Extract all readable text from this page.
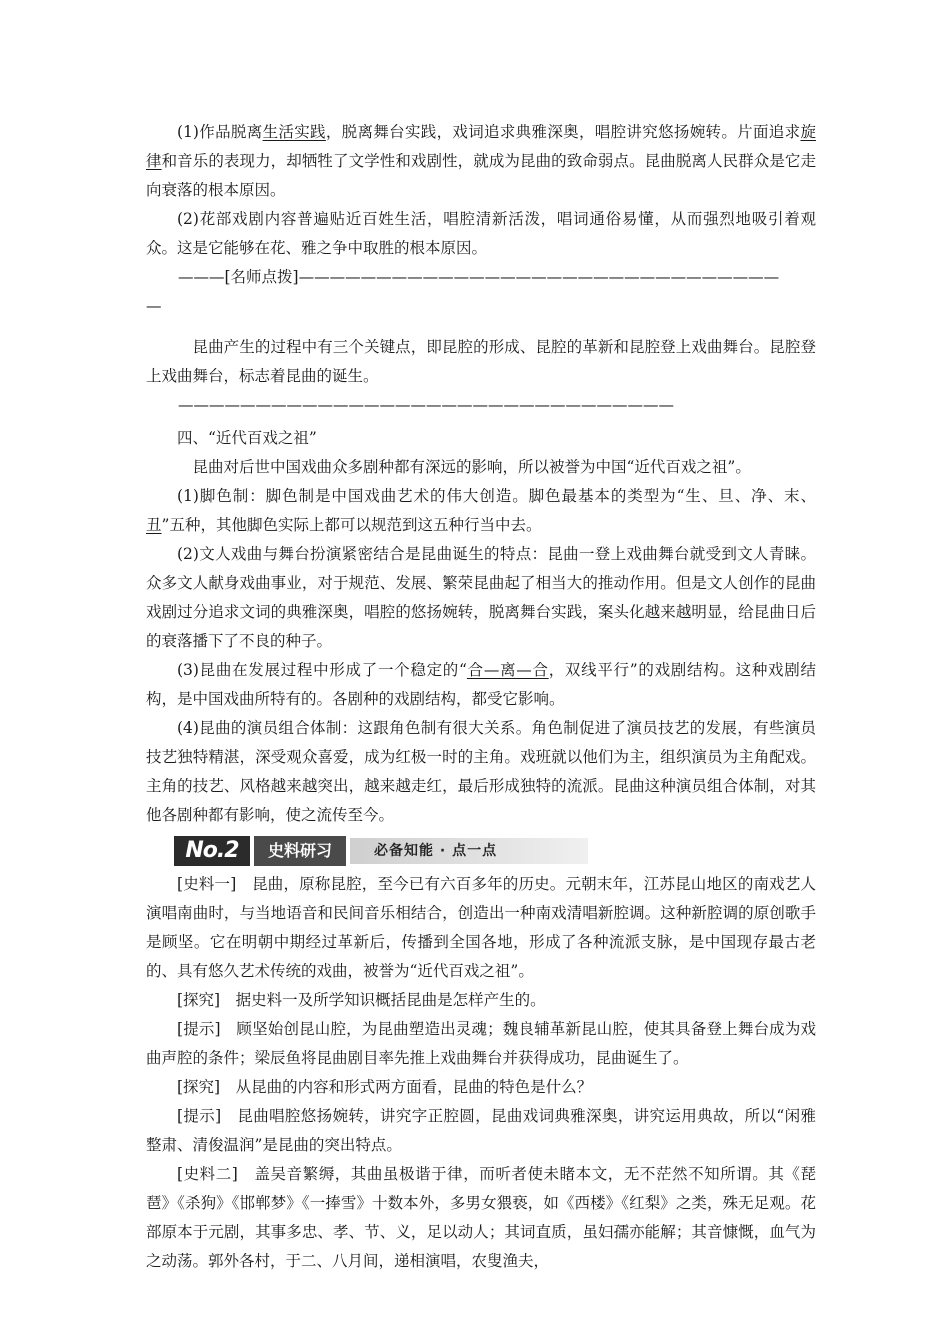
(1)作品脱离生活实践，脱离舞台实践，戏词追求典雅深奥，唱腔讲究悠扬婉转。片面追求旋律和音乐的表现力，却牺牲了文学性和戏剧性，就成为昆曲的致命弱点。昆曲脱离人民群众是它走向衰落的根本原因。

(2)花部戏剧内容普遍贴近百姓生活，唱腔清新活泼，唱词通俗易懂，从而强烈地吸引着观众。这是它能够在花、雅之争中取胜的根本原因。

———[名师点拨]———————————————————————————————
—

昆曲产生的过程中有三个关键点，即昆腔的形成、昆腔的革新和昆腔登上戏曲舞台。昆腔登上戏曲舞台，标志着昆曲的诞生。

————————————————————————————————

四、“近代百戏之祖”

昆曲对后世中国戏曲众多剧种都有深远的影响，所以被誉为中国“近代百戏之祖”。

(1)脚色制：脚色制是中国戏曲艺术的伟大创造。脚色最基本的类型为“生、旦、净、末、丑”五种，其他脚色实际上都可以规范到这五种行当中去。

(2)文人戏曲与舞台扮演紧密结合是昆曲诞生的特点：昆曲一登上戏曲舞台就受到文人青睐。众多文人献身戏曲事业，对于规范、发展、繁荣昆曲起了相当大的推动作用。但是文人创作的昆曲戏剧过分追求文词的典雅深奥，唱腔的悠扬婉转，脱离舞台实践，案头化越来越明显，给昆曲日后的衰落播下了不良的种子。

(3)昆曲在发展过程中形成了一个稳定的“合—离—合，双线平行”的戏剧结构。这种戏剧结构，是中国戏曲所特有的。各剧种的戏剧结构，都受它影响。

(4)昆曲的演员组合体制：这跟角色制有很大关系。角色制促进了演员技艺的发展，有些演员技艺独特精湛，深受观众喜爱，成为红极一时的主角。戏班就以他们为主，组织演员为主角配戏。主角的技艺、风格越来越突出，越来越走红，最后形成独特的流派。昆曲这种演员组合体制，对其他各剧种都有影响，使之流传至今。

No.2	史料研习	必备知能 · 点一点

[史料一]　昆曲，原称昆腔，至今已有六百多年的历史。元朝末年，江苏昆山地区的南戏艺人演唱南曲时，与当地语音和民间音乐相结合，创造出一种南戏清唱新腔调。这种新腔调的原创歌手是顾坚。它在明朝中期经过革新后，传播到全国各地，形成了各种流派支脉，是中国现存最古老的、具有悠久艺术传统的戏曲，被誉为“近代百戏之祖”。

[探究]　据史料一及所学知识概括昆曲是怎样产生的。

[提示]　顾坚始创昆山腔，为昆曲塑造出灵魂；魏良辅革新昆山腔，使其具备登上舞台成为戏曲声腔的条件；梁辰鱼将昆曲剧目率先推上戏曲舞台并获得成功，昆曲诞生了。

[探究]　从昆曲的内容和形式两方面看，昆曲的特色是什么？

[提示]　昆曲唱腔悠扬婉转，讲究字正腔圆，昆曲戏词典雅深奥，讲究运用典故，所以“闲雅整肃、清俊温润”是昆曲的突出特点。

[史料二]　盖吴音繁缛，其曲虽极谐于律，而听者使未睹本文，无不茫然不知所谓。其《琵琶》《杀狗》《邯郸梦》《一捧雪》十数本外，多男女猥亵，如《西楼》《红梨》之类，殊无足观。花部原本于元剧，其事多忠、孝、节、义，足以动人；其词直质，虽妇孺亦能解；其音慷慨，血气为之动荡。郭外各村，于二、八月间，递相演唱，农叟渔夫，
